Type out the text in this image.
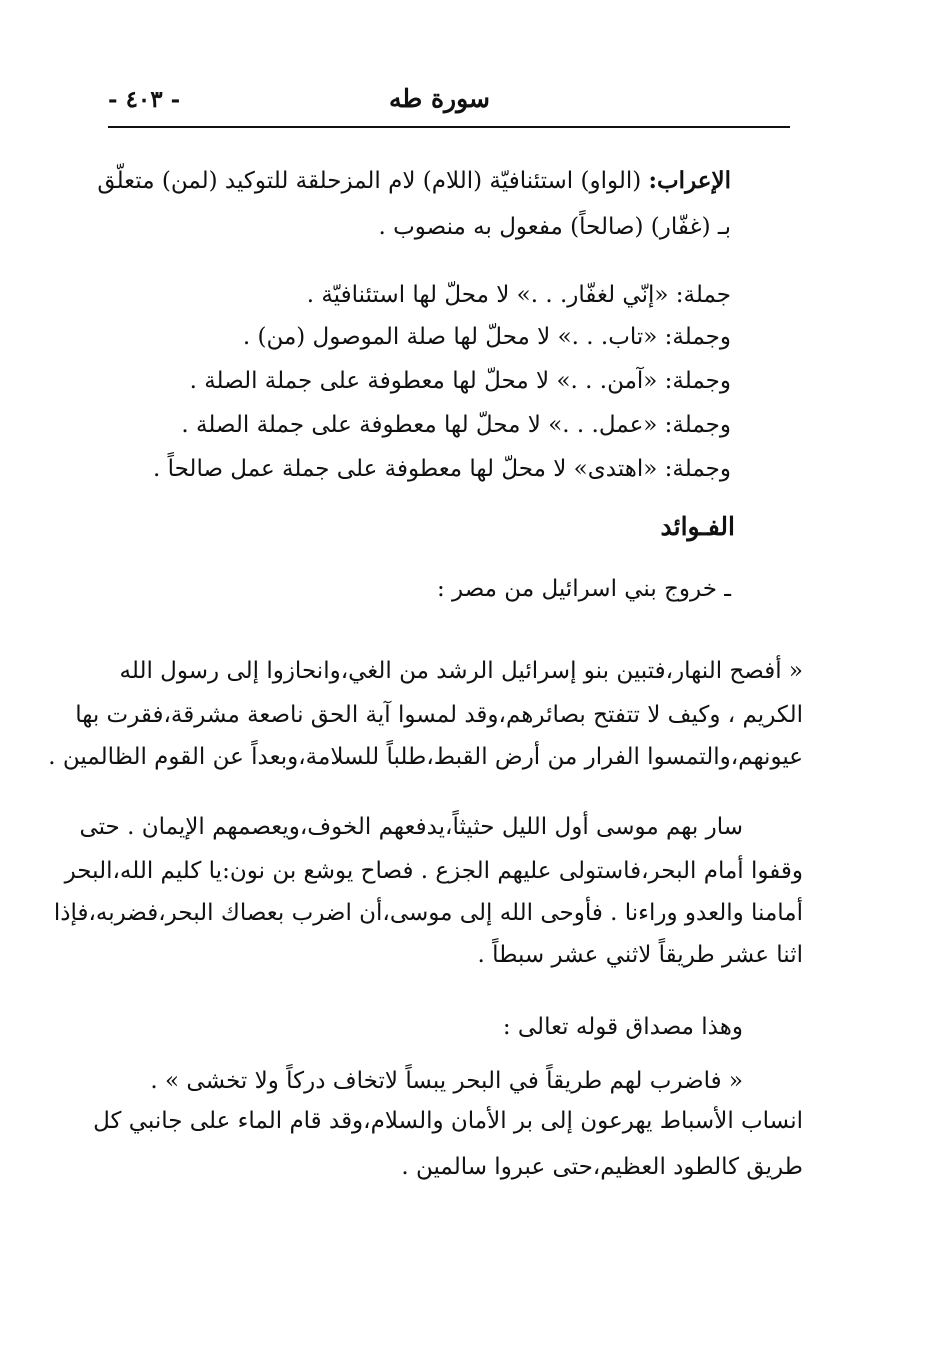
سورة طه
- ٤٠٣ -
الإعراب: (الواو) استئنافيّة (اللام) لام المزحلقة للتوكيد (لمن) متعلّق
بـ (غفّار) (صالحاً) مفعول به منصوب .
جملة: «إنّي لغفّار. . .» لا محلّ لها استئنافيّة .
وجملة: «تاب. . .» لا محلّ لها صلة الموصول (من) .
وجملة: «آمن. . .» لا محلّ لها معطوفة على جملة الصلة .
وجملة: «عمل. . .» لا محلّ لها معطوفة على جملة الصلة .
وجملة: «اهتدى» لا محلّ لها معطوفة على جملة عمل صالحاً .
الفـوائد
ـ خروج بني اسرائيل من مصر :
« أفصح النهار،فتبين بنو إسرائيل الرشد من الغي،وانحازوا إلى رسول الله
الكريم ، وكيف لا تتفتح بصائرهم،وقد لمسوا آية الحق ناصعة مشرقة،فقرت بها
عيونهم،والتمسوا الفرار من أرض القبط،طلباً للسلامة،وبعداً عن القوم الظالمين .
سار بهم موسى أول الليل حثيثاً،يدفعهم الخوف،ويعصمهم الإيمان . حتى
وقفوا أمام البحر،فاستولى عليهم الجزع . فصاح يوشع بن نون:يا كليم الله،البحر
أمامنا والعدو وراءنا . فأوحى الله إلى موسى،أن اضرب بعصاك البحر،فضربه،فإذا
اثنا عشر طريقاً لاثني عشر سبطاً .
وهذا مصداق قوله تعالى :
« فاضرب لهم طريقاً في البحر يبساً لاتخاف دركاً ولا تخشى » .
انساب الأسباط يهرعون إلى بر الأمان والسلام،وقد قام الماء على جانبي كل
طريق كالطود العظيم،حتى عبروا سالمين .
